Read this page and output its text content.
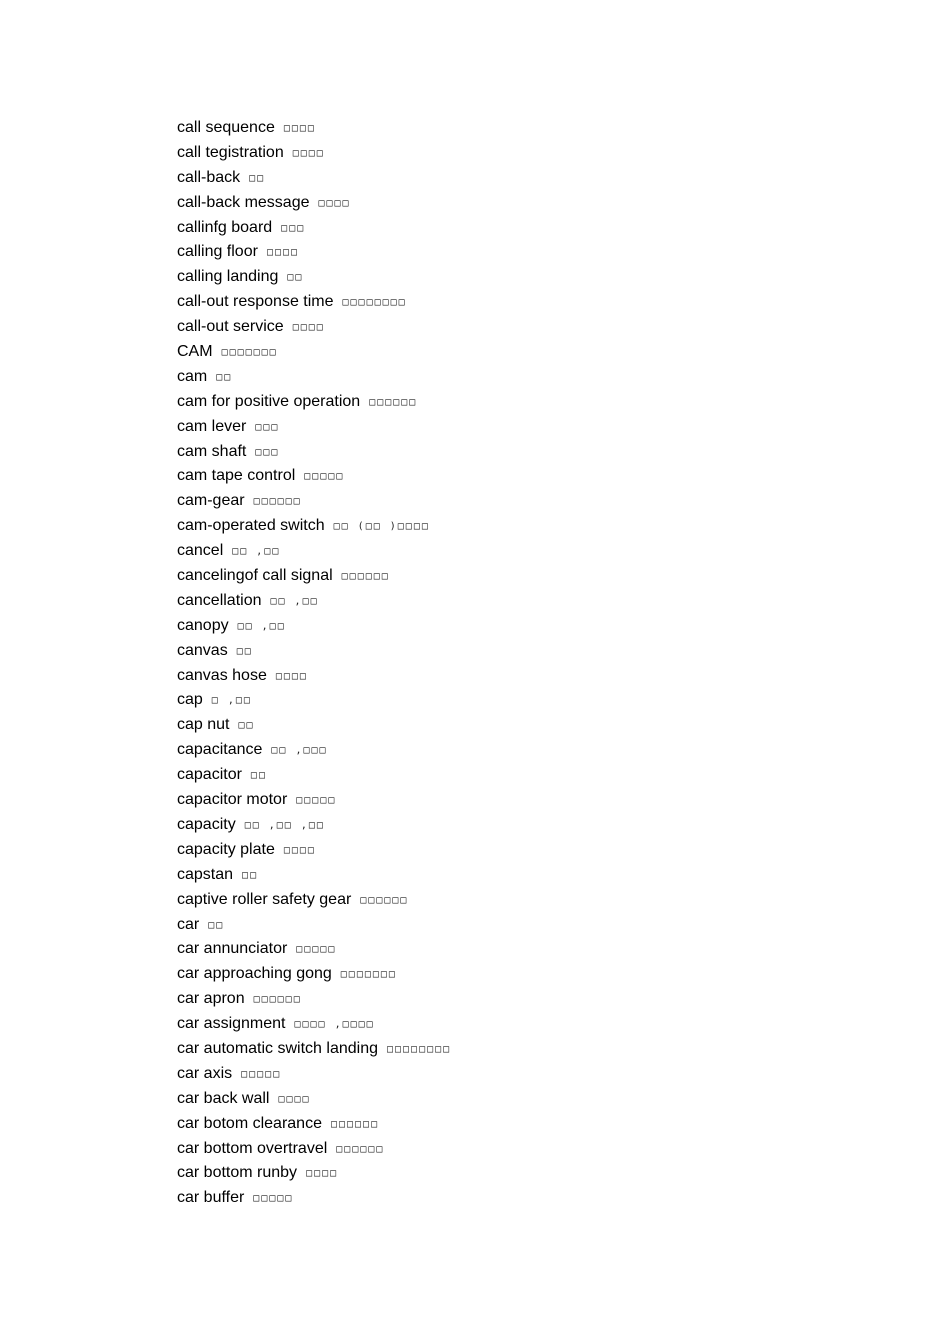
call sequence □□□□
call tegistration □□□□
call-back □□
call-back message □□□□
callinfg board □□□
calling floor □□□□
calling landing □□
call-out response time □□□□□□□□
call-out service □□□□
CAM □□□□□□□
cam □□
cam for positive operation □□□□□□
cam lever □□□
cam shaft □□□
cam tape control □□□□□
cam-gear □□□□□□
cam-operated switch □□ (□□ )□□□□
cancel □□ ,□□
cancelingof call signal □□□□□□
cancellation □□ ,□□
canopy □□ ,□□
canvas □□
canvas hose □□□□
cap □ ,□□
cap nut □□
capacitance □□ ,□□□
capacitor □□
capacitor motor □□□□□
capacity □□ ,□□ ,□□
capacity plate □□□□
capstan □□
captive roller safety gear □□□□□□
car □□
car annunciator □□□□□
car approaching gong □□□□□□□
car apron □□□□□□
car assignment □□□□ ,□□□□
car automatic switch landing □□□□□□□□
car axis □□□□□
car back wall □□□□
car botom clearance □□□□□□
car bottom overtravel □□□□□□
car bottom runby □□□□
car buffer □□□□□
